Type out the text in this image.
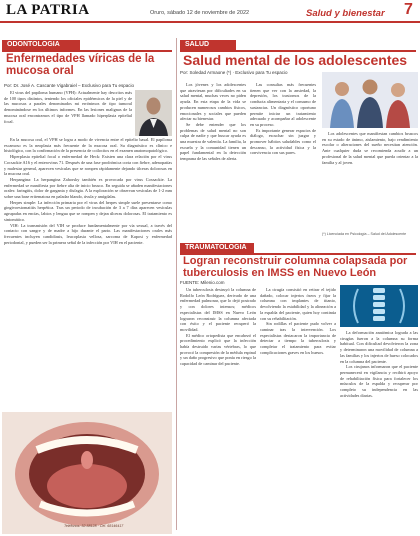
LA PATRIA	Oruro, sábado 12 de noviembre de 2022	Salud y bienestar 7
ODONTOLOGIA
Enfermedades víricas de la mucosa oral
Por: Dr. José A. Cascante Vigabraiel – Exclusivo para Tu espacio

El virus del papiloma humano (VPH): Actualmente hay descritos más de 100 tipos distintos, teniendo los oficiales epidérmicos de la piel y de las mucosas a parales denominados mi errónimos de tipo tumoral denominándose en los últimos informes. En las lesiones malignas de la mucosa oral encontramos el tipo de VPH llamado hiperplasia epitelial focal.

En la mucosa oral, el VPH se logra a modo de vivencia entre el epitelio basal. El papiloma escamoso es la neoplasia más frecuente de la mucosa oral. Su diagnóstico es clínico e histológico, con la confirmación de la presencia de coilocitos en el examen anatomopatológico.

Hiperplasia epitelial focal o enfermedad de Heck: Existen una clara relación por el virus Cocsackie A16 y el enterovirus 71. Después de una fase prodrómica corta con fiebre, adenopatías y malestar general, aparecen vesículas que se rompen rápidamente dejando úlceras dolorosas en la mucosa oral.

Herpangina: La herpangina Zahorsky también es provocada por virus Coxsackie. La enfermedad se manifiesta por fiebre alta de inicio brusco. En seguida se añaden manifestaciones orales: faringitis, dolor de garganta y disfagia. A la exploración se observan vesículas de 1-2 mm sobre una base eritematosa en paladar blando, úvula y amígdalas.

Herpes simple: La infección primaria por el virus del herpes simple suele presentarse como gingivoestomatitis herpética. Tras un periodo de incubación de 3 a 7 días aparecen vesículas agrupadas en encías, labios y lengua que se rompen y dejan úlceras dolorosas. El tratamiento es sintomático.

VIH: La transmisión del VIH se produce fundamentalmente por vía sexual, a través del contacto con sangre y de madre a hijo durante el parto. Las manifestaciones orales más frecuentes incluyen candidiasis, leucoplasia vellosa, sarcoma de Kaposi y enfermedad periodontal, y pueden ser la primera señal de la infección por VIH en el paciente.

Teléfonos: 52-58128 · Cel. 68146417
SALUD
Salud mental de los adolescentes
Por: Soledad Armaone (*) · Exclusivo para Tu espacio

Los jóvenes y los adolescentes que atraviesan por dificultades en su salud mental, muchas veces no piden ayuda. En esta etapa de la vida se producen numerosos cambios físicos, emocionales y sociales que pueden afectar su bienestar.

Se debe entender que los problemas de salud mental no son culpa de nadie y que buscar ayuda es una muestra de valentía. La familia, la escuela y la comunidad tienen un papel fundamental en la detección temprana de las señales de alerta.

Las consultas más frecuentes tienen que ver con la ansiedad, la depresión, los trastornos de la conducta alimentaria y el consumo de sustancias. Un diagnóstico oportuno permite iniciar un tratamiento adecuado y acompañar al adolescente en su proceso.

Es importante generar espacios de diálogo, escuchar sin juzgar y promover hábitos saludables como el descanso, la actividad física y la convivencia con sus pares.

Los adolescentes que manifiestan cambios bruscos en su estado de ánimo, aislamiento, bajo rendimiento escolar o alteraciones del sueño necesitan atención. Ante cualquier duda se recomienda acudir a un profesional de la salud mental que pueda orientar a la familia y al joven.

(*) Licenciada en Psicología – Salud del Adolescente
TRAUMATOLOGIA
Logran reconstruir columna colapsada por tuberculosis en IMSS en Nuevo León
FUENTE: Milenio.com

Un tuberculosis destruyó la columna de Rodolfo León Rodríguez, derivado de una enfermedad pulmonar, que lo dejó postrado y con dolores intensos; médicos especialistas del IMSS en Nuevo León lograron reconstruir la columna afectada con éxito y el paciente recuperó la movilidad.

El médico ortopedista que encabezó el procedimiento explicó que la infección había destruido varias vértebras, lo que provocó la compresión de la médula espinal y un daño progresivo que ponía en riesgo la capacidad de caminar del paciente.

La cirugía consistió en retirar el tejido dañado, colocar injertos óseos y fijar la columna con implantes de titanio, devolviendo la estabilidad y la alineación a la espalda del paciente, quien hoy continúa con su rehabilitación.

Sin rodillas el paciente pudo volver a caminar tras la intervención. Los especialistas destacaron la importancia de detectar a tiempo la tuberculosis y completar el tratamiento para evitar complicaciones graves en los huesos.

La deformación anatómica lograda a las cirugías fueron a la columna su forma habitual. Con dificultad devolvieron la zona y determinaron una movilidad de columna a las familias y los injertos de hueso colocados en la columna del paciente.

Los cirujanos informaron que el paciente permanecerá en vigilancia y recibirá apoyo de rehabilitación física para fortalecer los músculos de la espalda y recuperar por completo su independencia en las actividades diarias.
